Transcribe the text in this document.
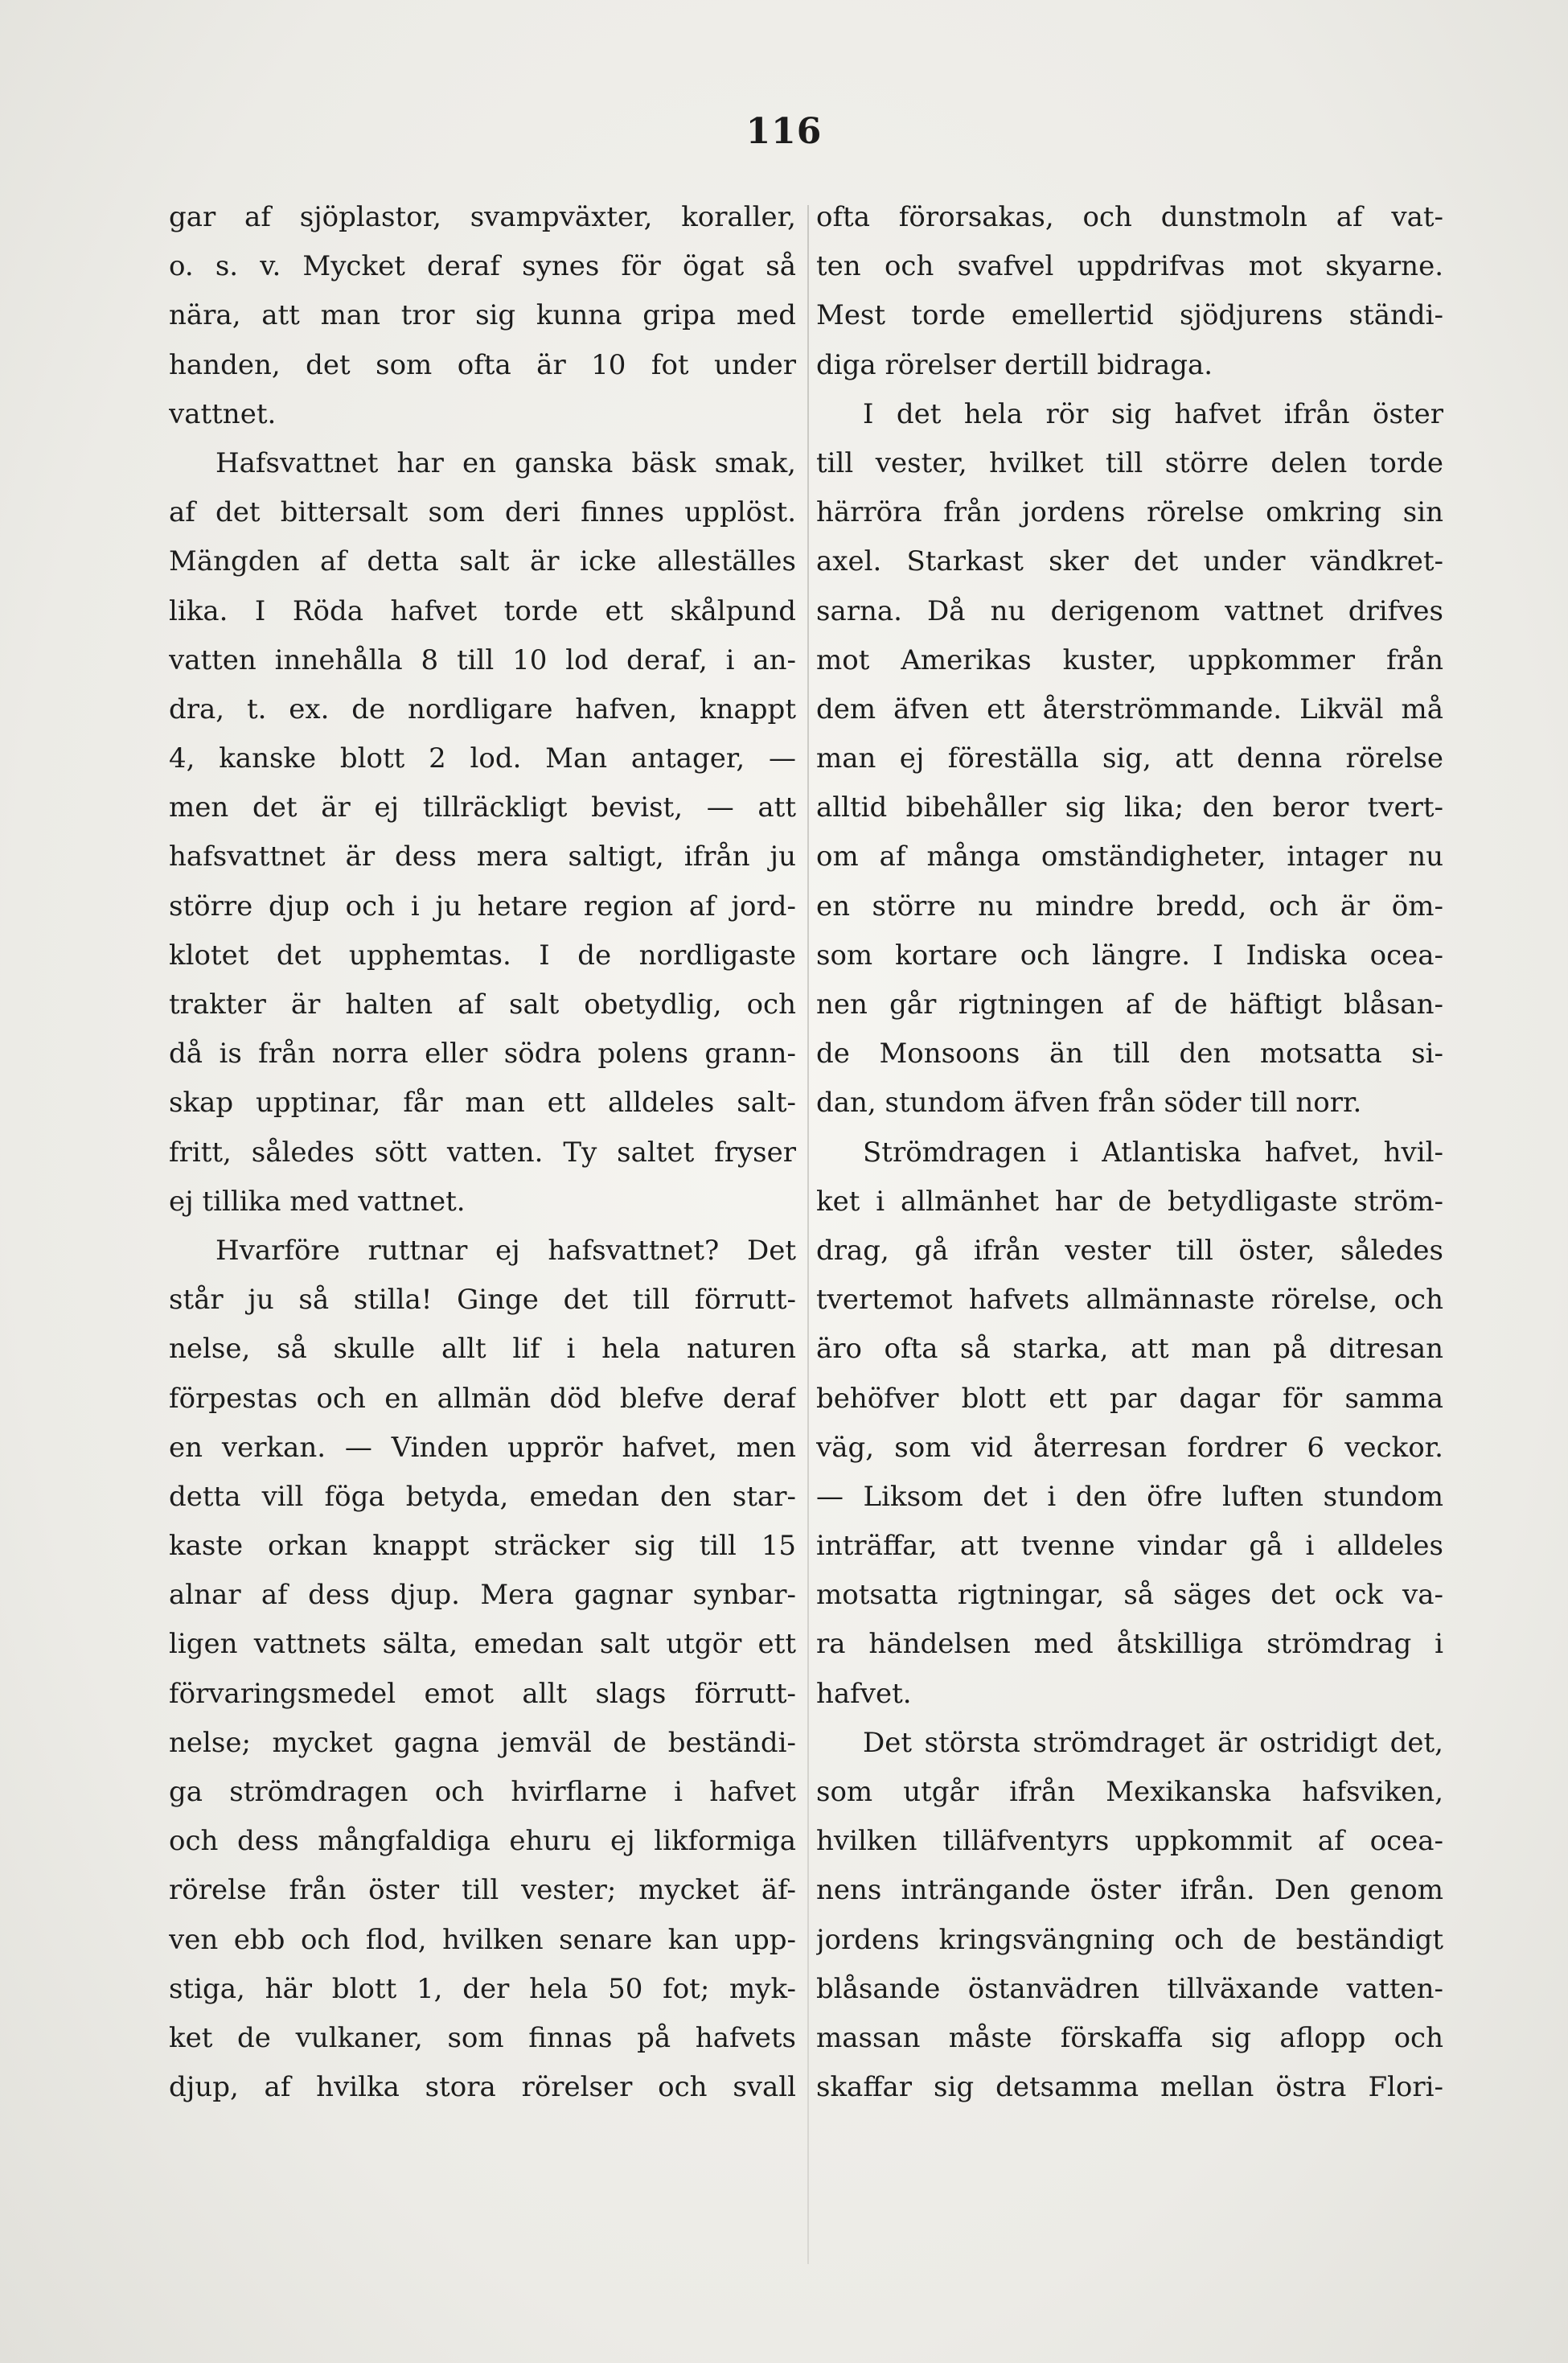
116
gar af sjöplastor, svampväxter, koraller,
o. s. v. Mycket deraf synes för ögat så
nära, att man tror sig kunna gripa med
handen, det som ofta är 10 fot under
vattnet.
Hafsvattnet har en ganska bäsk smak,
af det bittersalt som deri finnes upplöst.
Mängden af detta salt är icke alleställes
lika. I Röda hafvet torde ett skålpund
vatten innehålla 8 till 10 lod deraf, i an-
dra, t. ex. de nordligare hafven, knappt
4, kanske blott 2 lod. Man antager, —
men det är ej tillräckligt bevist, — att
hafsvattnet är dess mera saltigt, ifrån ju
större djup och i ju hetare region af jord-
klotet det upphemtas. I de nordligaste
trakter är halten af salt obetydlig, och
då is från norra eller södra polens grann-
skap upptinar, får man ett alldeles salt-
fritt, således sött vatten. Ty saltet fryser
ej tillika med vattnet.
Hvarföre ruttnar ej hafsvattnet? Det
står ju så stilla! Ginge det till förrutt-
nelse, så skulle allt lif i hela naturen
förpestas och en allmän död blefve deraf
en verkan. — Vinden upprör hafvet, men
detta vill föga betyda, emedan den star-
kaste orkan knappt sträcker sig till 15
alnar af dess djup. Mera gagnar synbar-
ligen vattnets sälta, emedan salt utgör ett
förvaringsmedel emot allt slags förrutt-
nelse; mycket gagna jemväl de beständi-
ga strömdragen och hvirflarne i hafvet
och dess mångfaldiga ehuru ej likformiga
rörelse från öster till vester; mycket äf-
ven ebb och flod, hvilken senare kan upp-
stiga, här blott 1, der hela 50 fot; myk-
ket de vulkaner, som finnas på hafvets
djup, af hvilka stora rörelser och svall
ofta förorsakas, och dunstmoln af vat-
ten och svafvel uppdrifvas mot skyarne.
Mest torde emellertid sjödjurens ständi-
diga rörelser dertill bidraga.
I det hela rör sig hafvet ifrån öster
till vester, hvilket till större delen torde
härröra från jordens rörelse omkring sin
axel. Starkast sker det under vändkret-
sarna. Då nu derigenom vattnet drifves
mot Amerikas kuster, uppkommer från
dem äfven ett återströmmande. Likväl må
man ej föreställa sig, att denna rörelse
alltid bibehåller sig lika; den beror tvert-
om af många omständigheter, intager nu
en större nu mindre bredd, och är öm-
som kortare och längre. I Indiska ocea-
nen går rigtningen af de häftigt blåsan-
de Monsoons än till den motsatta si-
dan, stundom äfven från söder till norr.
Strömdragen i Atlantiska hafvet, hvil-
ket i allmänhet har de betydligaste ström-
drag, gå ifrån vester till öster, således
tvertemot hafvets allmännaste rörelse, och
äro ofta så starka, att man på ditresan
behöfver blott ett par dagar för samma
väg, som vid återresan fordrer 6 veckor.
— Liksom det i den öfre luften stundom
inträffar, att tvenne vindar gå i alldeles
motsatta rigtningar, så säges det ock va-
ra händelsen med åtskilliga strömdrag i
hafvet.
Det största strömdraget är ostridigt det,
som utgår ifrån Mexikanska hafsviken,
hvilken tilläfventyrs uppkommit af ocea-
nens inträngande öster ifrån. Den genom
jordens kringsvängning och de beständigt
blåsande östanvädren tillväxande vatten-
massan måste förskaffa sig aflopp och
skaffar sig detsamma mellan östra Flori-
